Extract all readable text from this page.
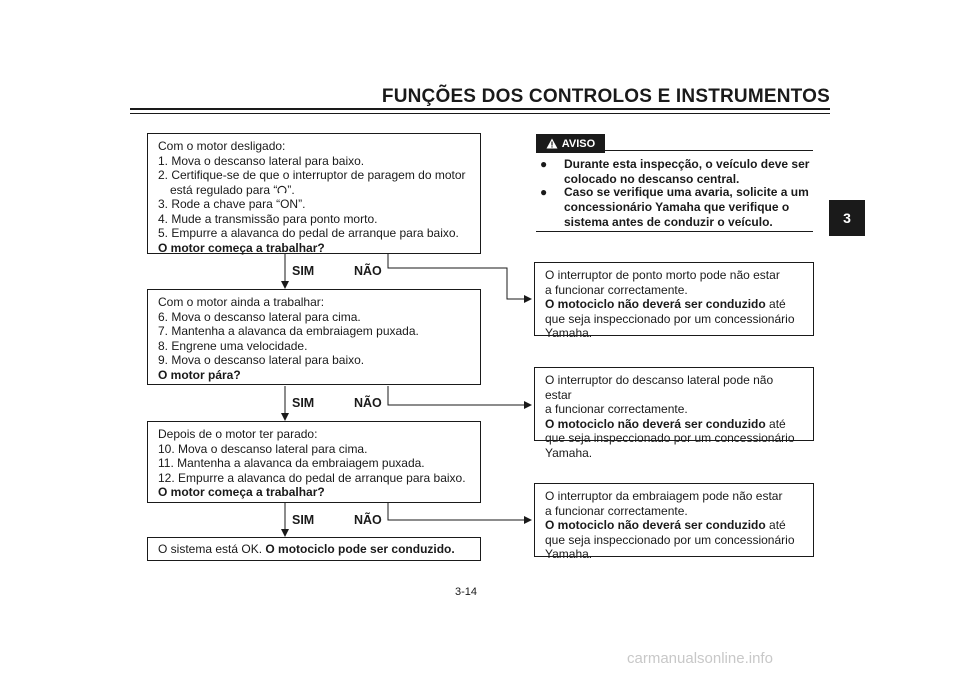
FUNÇÕES DOS CONTROLOS E INSTRUMENTOS
3
Com o motor desligado:
1. Mova o descanso lateral para baixo.
2. Certifique-se de que o interruptor de paragem do motor
está regulado para “ ”.
3. Rode a chave para “ON”.
4. Mude a transmissão para ponto morto.
5. Empurre a alavanca do pedal de arranque para baixo.
O motor começa a trabalhar?
SIM	NÃO
Com o motor ainda a trabalhar:
6. Mova o descanso lateral para cima.
7. Mantenha a alavanca da embraiagem puxada.
8. Engrene uma velocidade.
9. Mova o descanso lateral para baixo.
O motor pára?
SIM	NÃO
Depois de o motor ter parado:
10. Mova o descanso lateral para cima.
11. Mantenha a alavanca da embraiagem puxada.
12. Empurre a alavanca do pedal de arranque para baixo.
O motor começa a trabalhar?
SIM	NÃO
O sistema está OK. O motociclo pode ser conduzido.
AVISO
● Durante esta inspecção, o veículo deve ser colocado no descanso central.
● Caso se verifique uma avaria, solicite a um concessionário Yamaha que verifique o sistema antes de conduzir o veículo.
O interruptor de ponto morto pode não estar
a funcionar correctamente.
O motociclo não deverá ser conduzido até
que seja inspeccionado por um concessionário
Yamaha.
O interruptor do descanso lateral pode não estar
a funcionar correctamente.
O motociclo não deverá ser conduzido até
que seja inspeccionado por um concessionário
Yamaha.
O interruptor da embraiagem pode não estar
a funcionar correctamente.
O motociclo não deverá ser conduzido até
que seja inspeccionado por um concessionário
Yamaha.
3-14
carmanualsonline.info
